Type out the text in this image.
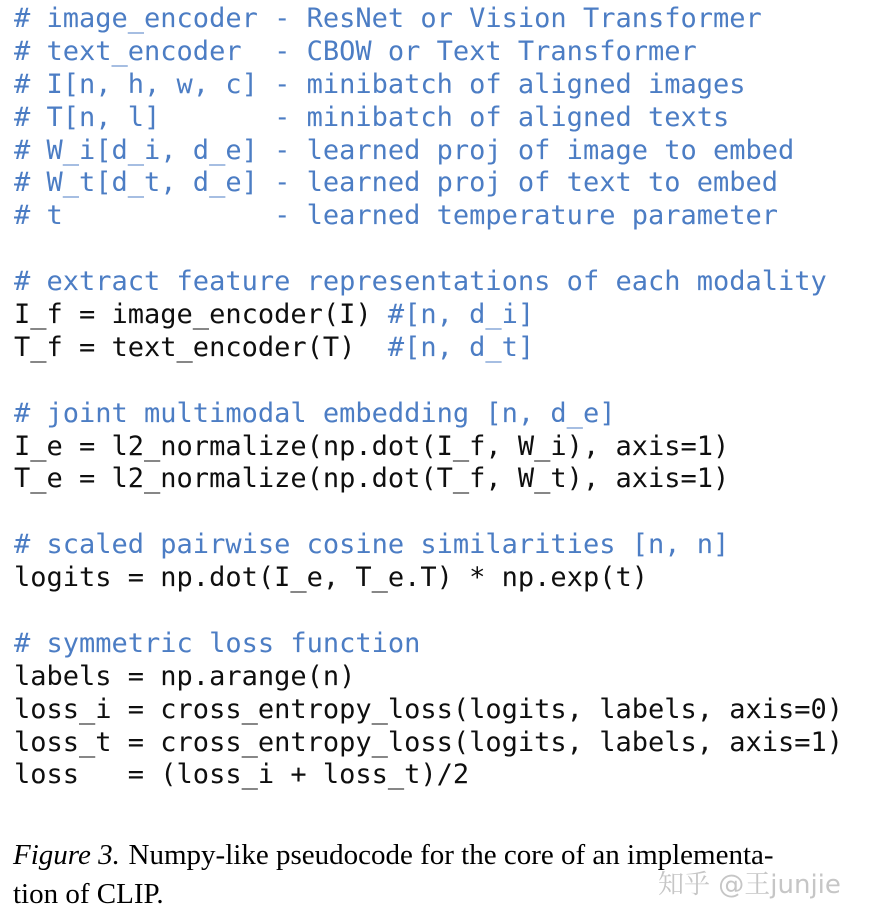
# image_encoder - ResNet or Vision Transformer
# text_encoder  - CBOW or Text Transformer
# I[n, h, w, c] - minibatch of aligned images
# T[n, l]       - minibatch of aligned texts
# W_i[d_i, d_e] - learned proj of image to embed
# W_t[d_t, d_e] - learned proj of text to embed
# t             - learned temperature parameter

# extract feature representations of each modality
I_f = image_encoder(I) #[n, d_i]
T_f = text_encoder(T)  #[n, d_t]

# joint multimodal embedding [n, d_e]
I_e = l2_normalize(np.dot(I_f, W_i), axis=1)
T_e = l2_normalize(np.dot(T_f, W_t), axis=1)

# scaled pairwise cosine similarities [n, n]
logits = np.dot(I_e, T_e.T) * np.exp(t)

# symmetric loss function
labels = np.arange(n)
loss_i = cross_entropy_loss(logits, labels, axis=0)
loss_t = cross_entropy_loss(logits, labels, axis=1)
loss   = (loss_i + loss_t)/2
Figure 3. Numpy-like pseudocode for the core of an implementa-
tion of CLIP.	知乎 @王junjie
